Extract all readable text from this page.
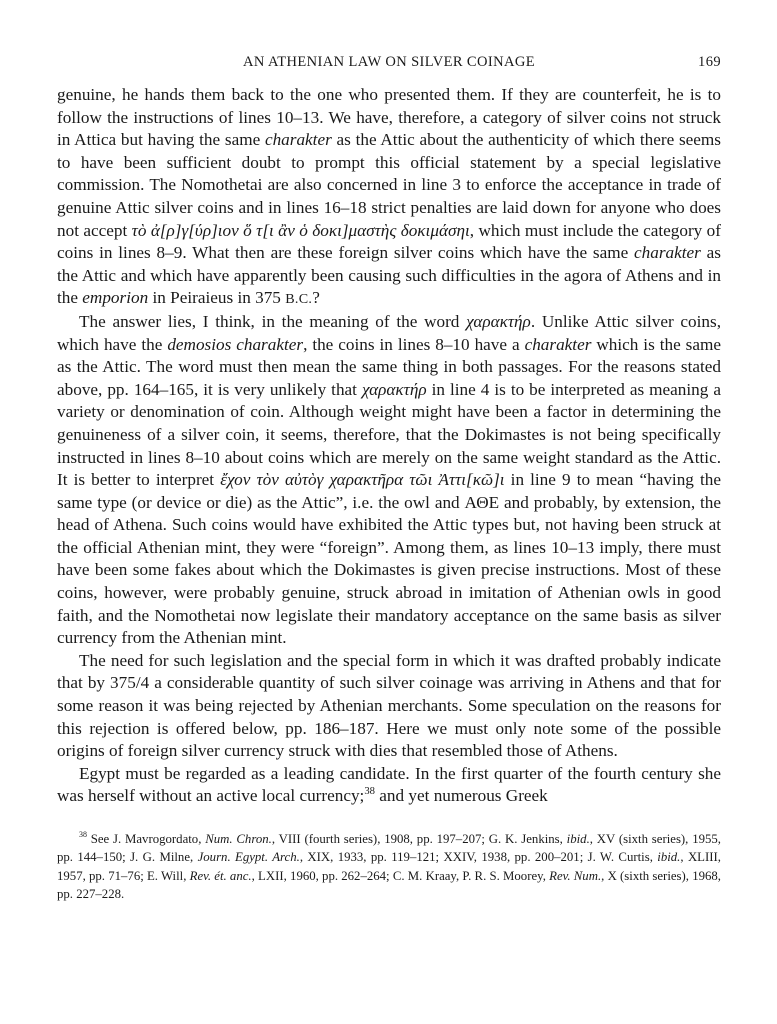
AN ATHENIAN LAW ON SILVER COINAGE	169

genuine, he hands them back to the one who presented them. If they are counterfeit, he is to follow the instructions of lines 10–13. We have, therefore, a category of silver coins not struck in Attica but having the same charakter as the Attic about the authenticity of which there seems to have been sufficient doubt to prompt this official statement by a special legislative commission. The Nomothetai are also concerned in line 3 to enforce the acceptance in trade of genuine Attic silver coins and in lines 16–18 strict penalties are laid down for anyone who does not accept τὸ ἀ[ρ]γ[ύρ]ιον ὅ τ[ι ἂν ὁ δοκι]μαστὴς δοκιμάσηι, which must include the category of coins in lines 8–9. What then are these foreign silver coins which have the same charakter as the Attic and which have apparently been causing such difficulties in the agora of Athens and in the emporion in Peiraieus in 375 B.C.?

The answer lies, I think, in the meaning of the word χαρακτήρ. Unlike Attic silver coins, which have the demosios charakter, the coins in lines 8–10 have a charakter which is the same as the Attic. The word must then mean the same thing in both passages. For the reasons stated above, pp. 164–165, it is very unlikely that χαρακτήρ in line 4 is to be interpreted as meaning a variety or denomination of coin. Although weight might have been a factor in determining the genuineness of a silver coin, it seems, therefore, that the Dokimastes is not being specifically instructed in lines 8–10 about coins which are merely on the same weight standard as the Attic. It is better to interpret ἔχον τὸν αὐτὸγ χαρακτῆρα τῶι Ἀττι[κῶ]ι in line 9 to mean “having the same type (or device or die) as the Attic”, i.e. the owl and ΑΘΕ and probably, by extension, the head of Athena. Such coins would have exhibited the Attic types but, not having been struck at the official Athenian mint, they were “foreign”. Among them, as lines 10–13 imply, there must have been some fakes about which the Dokimastes is given precise instructions. Most of these coins, however, were probably genuine, struck abroad in imitation of Athenian owls in good faith, and the Nomothetai now legislate their mandatory acceptance on the same basis as silver currency from the Athenian mint.

The need for such legislation and the special form in which it was drafted probably indicate that by 375/4 a considerable quantity of such silver coinage was arriving in Athens and that for some reason it was being rejected by Athenian merchants. Some speculation on the reasons for this rejection is offered below, pp. 186–187. Here we must only note some of the possible origins of foreign silver currency struck with dies that resembled those of Athens.

Egypt must be regarded as a leading candidate. In the first quarter of the fourth century she was herself without an active local currency;$^{38}$ and yet numerous Greek

$^{38}$ See J. Mavrogordato, Num. Chron., VIII (fourth series), 1908, pp. 197–207; G. K. Jenkins, ibid., XV (sixth series), 1955, pp. 144–150; J. G. Milne, Journ. Egypt. Arch., XIX, 1933, pp. 119–121; XXIV, 1938, pp. 200–201; J. W. Curtis, ibid., XLIII, 1957, pp. 71–76; E. Will, Rev. ét. anc., LXII, 1960, pp. 262–264; C. M. Kraay, P. R. S. Moorey, Rev. Num., X (sixth series), 1968, pp. 227–228.
